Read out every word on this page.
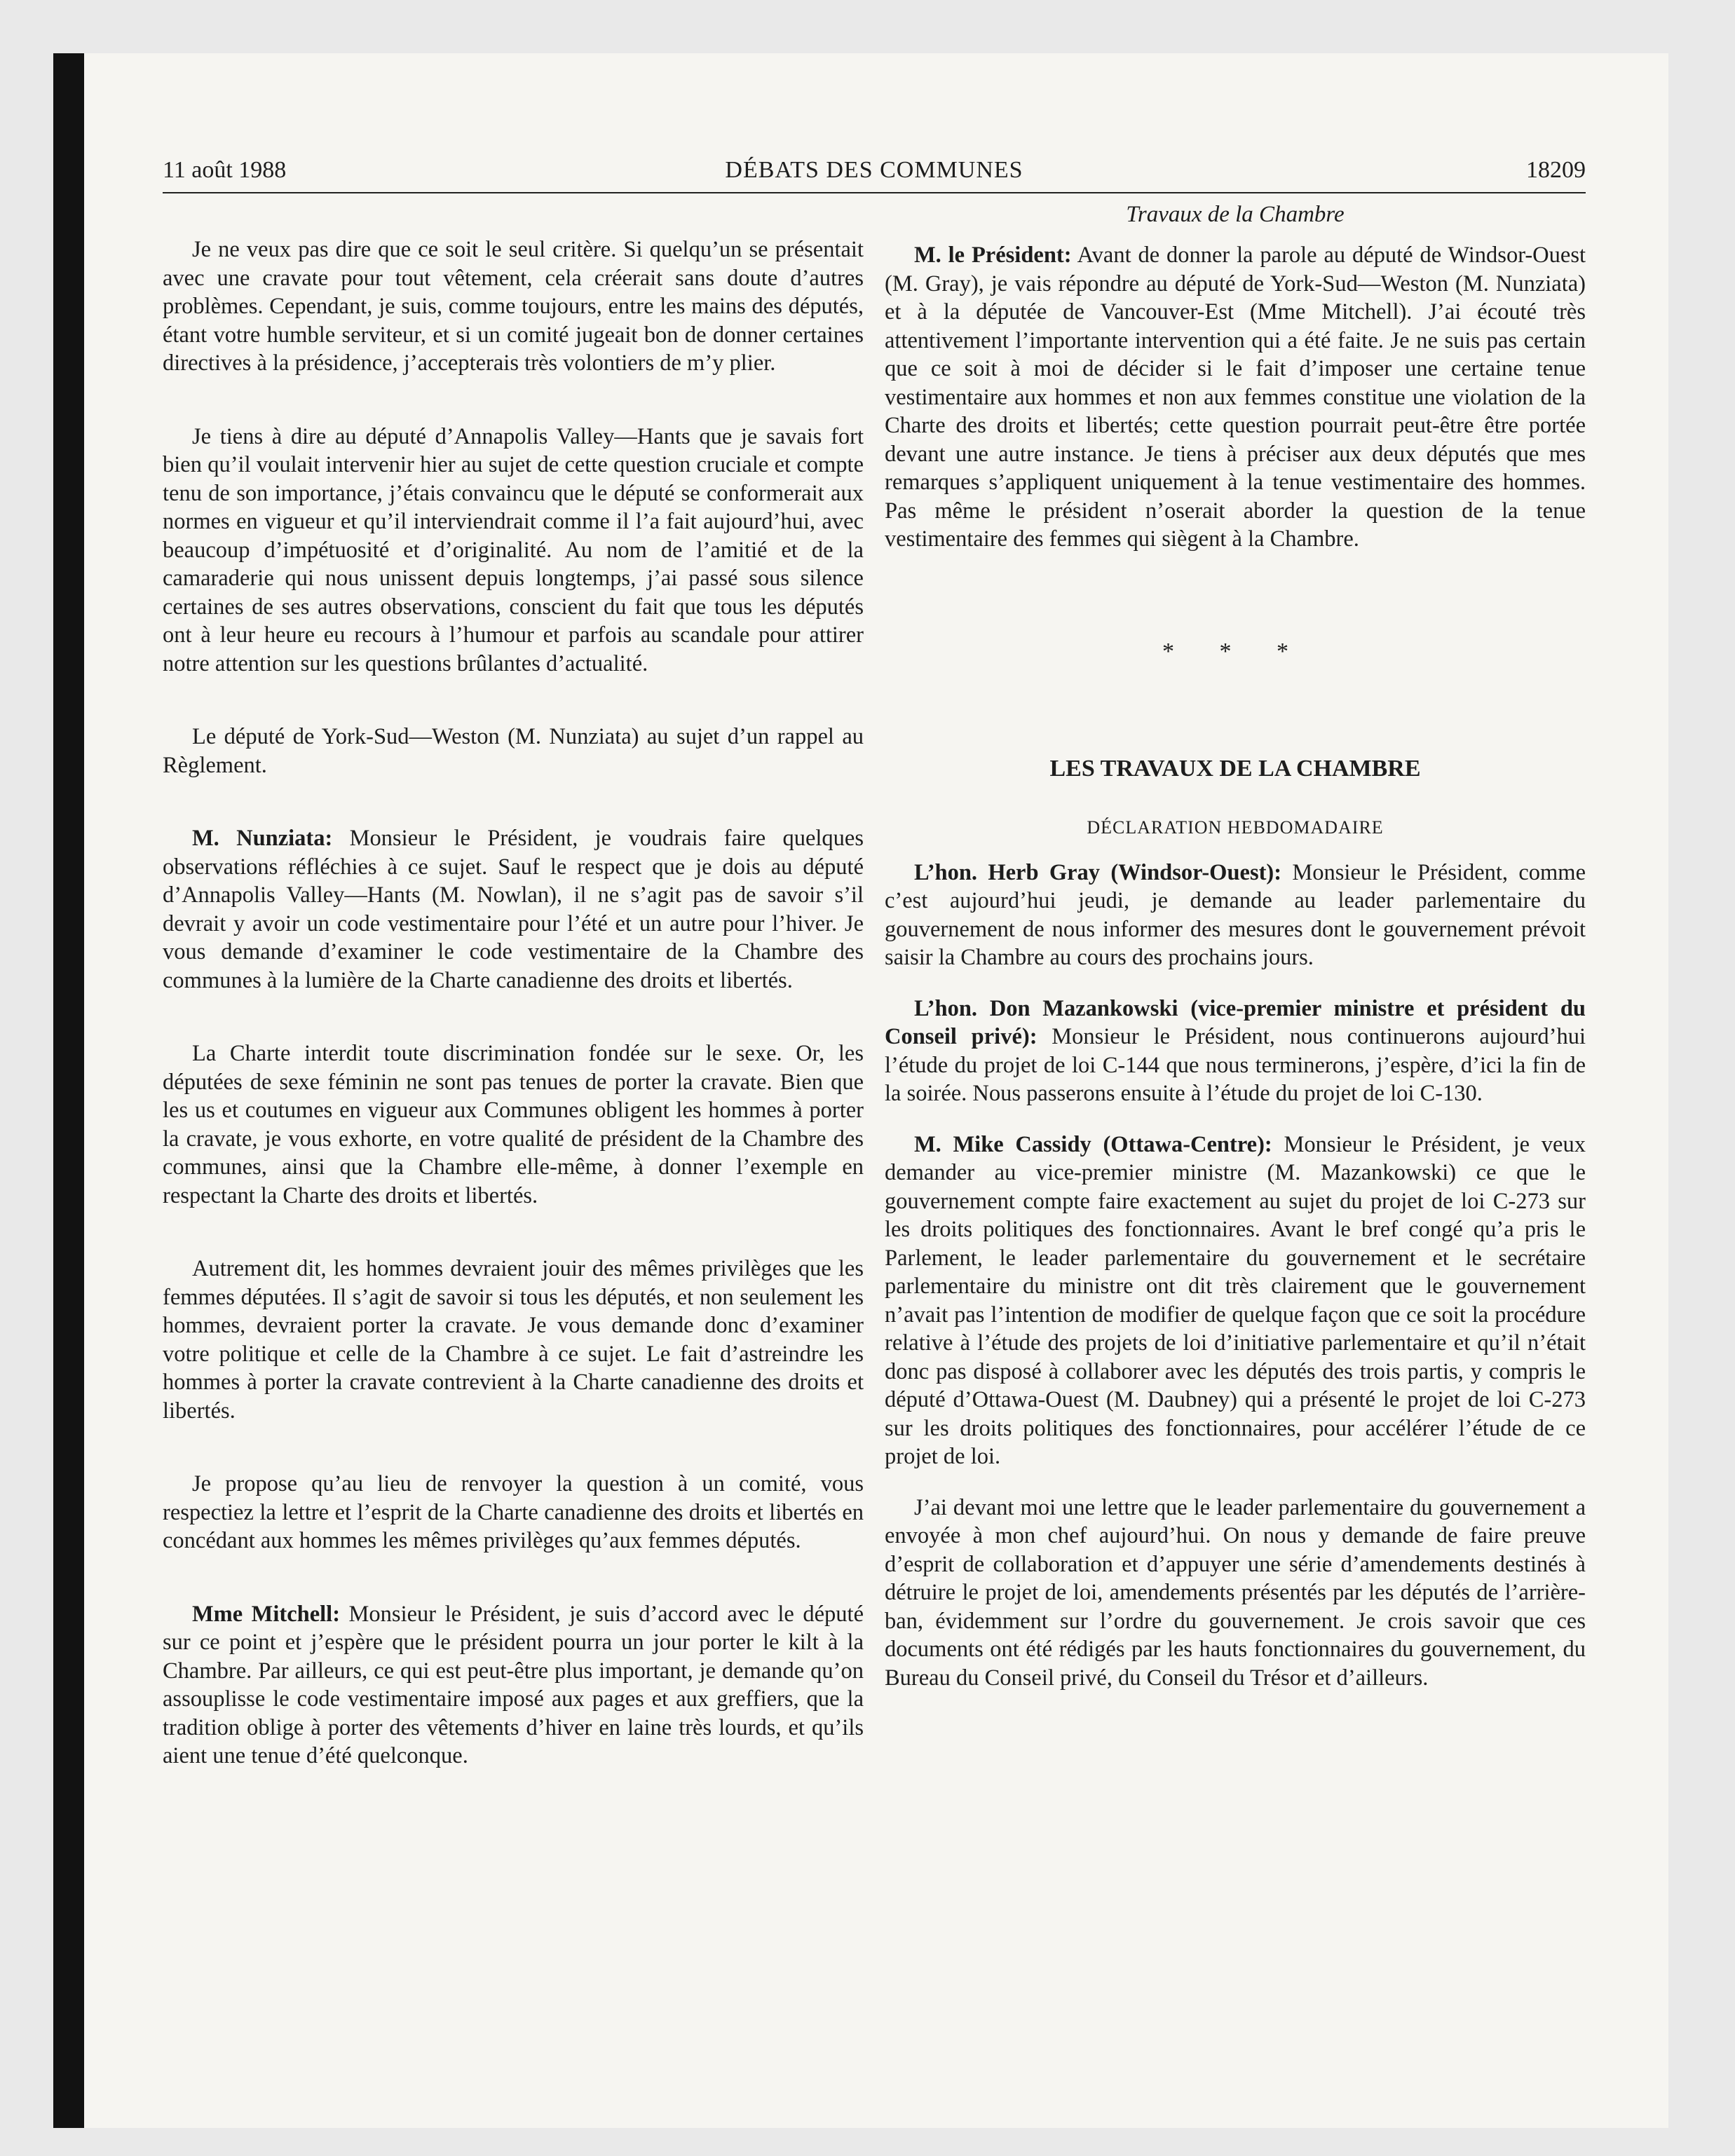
11 août 1988	DÉBATS DES COMMUNES	18209

Je ne veux pas dire que ce soit le seul critère. Si quelqu’un se présentait avec une cravate pour tout vêtement, cela créerait sans doute d’autres problèmes. Cependant, je suis, comme toujours, entre les mains des députés, étant votre humble serviteur, et si un comité jugeait bon de donner certaines directives à la présidence, j’accepterais très volontiers de m’y plier.

Je tiens à dire au député d’Annapolis Valley—Hants que je savais fort bien qu’il voulait intervenir hier au sujet de cette question cruciale et compte tenu de son importance, j’étais convaincu que le député se conformerait aux normes en vigueur et qu’il interviendrait comme il l’a fait aujourd’hui, avec beaucoup d’impétuosité et d’originalité. Au nom de l’amitié et de la camaraderie qui nous unissent depuis longtemps, j’ai passé sous silence certaines de ses autres observations, conscient du fait que tous les députés ont à leur heure eu recours à l’humour et parfois au scandale pour attirer notre attention sur les questions brûlantes d’actualité.

Le député de York-Sud—Weston (M. Nunziata) au sujet d’un rappel au Règlement.

M. Nunziata: Monsieur le Président, je voudrais faire quelques observations réfléchies à ce sujet. Sauf le respect que je dois au député d’Annapolis Valley—Hants (M. Nowlan), il ne s’agit pas de savoir s’il devrait y avoir un code vestimentaire pour l’été et un autre pour l’hiver. Je vous demande d’examiner le code vestimentaire de la Chambre des communes à la lumière de la Charte canadienne des droits et libertés.

La Charte interdit toute discrimination fondée sur le sexe. Or, les députées de sexe féminin ne sont pas tenues de porter la cravate. Bien que les us et coutumes en vigueur aux Communes obligent les hommes à porter la cravate, je vous exhorte, en votre qualité de président de la Chambre des communes, ainsi que la Chambre elle-même, à donner l’exemple en respectant la Charte des droits et libertés.

Autrement dit, les hommes devraient jouir des mêmes privilèges que les femmes députées. Il s’agit de savoir si tous les députés, et non seulement les hommes, devraient porter la cravate. Je vous demande donc d’examiner votre politique et celle de la Chambre à ce sujet. Le fait d’astreindre les hommes à porter la cravate contrevient à la Charte canadienne des droits et libertés.

Je propose qu’au lieu de renvoyer la question à un comité, vous respectiez la lettre et l’esprit de la Charte canadienne des droits et libertés en concédant aux hommes les mêmes privilèges qu’aux femmes députés.

Mme Mitchell: Monsieur le Président, je suis d’accord avec le député sur ce point et j’espère que le président pourra un jour porter le kilt à la Chambre. Par ailleurs, ce qui est peut-être plus important, je demande qu’on assouplisse le code vestimentaire imposé aux pages et aux greffiers, que la tradition oblige à porter des vêtements d’hiver en laine très lourds, et qu’ils aient une tenue d’été quelconque.

Travaux de la Chambre

M. le Président: Avant de donner la parole au député de Windsor-Ouest (M. Gray), je vais répondre au député de York-Sud—Weston (M. Nunziata) et à la députée de Vancouver-Est (Mme Mitchell). J’ai écouté très attentivement l’importante intervention qui a été faite. Je ne suis pas certain que ce soit à moi de décider si le fait d’imposer une certaine tenue vestimentaire aux hommes et non aux femmes constitue une violation de la Charte des droits et libertés; cette question pourrait peut-être être portée devant une autre instance. Je tiens à préciser aux deux députés que mes remarques s’appliquent uniquement à la tenue vestimentaire des hommes. Pas même le président n’oserait aborder la question de la tenue vestimentaire des femmes qui siègent à la Chambre.

* * *
LES TRAVAUX DE LA CHAMBRE
DÉCLARATION HEBDOMADAIRE

L’hon. Herb Gray (Windsor-Ouest): Monsieur le Président, comme c’est aujourd’hui jeudi, je demande au leader parlementaire du gouvernement de nous informer des mesures dont le gouvernement prévoit saisir la Chambre au cours des prochains jours.

L’hon. Don Mazankowski (vice-premier ministre et président du Conseil privé): Monsieur le Président, nous continuerons aujourd’hui l’étude du projet de loi C-144 que nous terminerons, j’espère, d’ici la fin de la soirée. Nous passerons ensuite à l’étude du projet de loi C-130.

M. Mike Cassidy (Ottawa-Centre): Monsieur le Président, je veux demander au vice-premier ministre (M. Mazankowski) ce que le gouvernement compte faire exactement au sujet du projet de loi C-273 sur les droits politiques des fonctionnaires. Avant le bref congé qu’a pris le Parlement, le leader parlementaire du gouvernement et le secrétaire parlementaire du ministre ont dit très clairement que le gouvernement n’avait pas l’intention de modifier de quelque façon que ce soit la procédure relative à l’étude des projets de loi d’initiative parlementaire et qu’il n’était donc pas disposé à collaborer avec les députés des trois partis, y compris le député d’Ottawa-Ouest (M. Daubney) qui a présenté le projet de loi C-273 sur les droits politiques des fonctionnaires, pour accélérer l’étude de ce projet de loi.

J’ai devant moi une lettre que le leader parlementaire du gouvernement a envoyée à mon chef aujourd’hui. On nous y demande de faire preuve d’esprit de collaboration et d’appuyer une série d’amendements destinés à détruire le projet de loi, amendements présentés par les députés de l’arrière-ban, évidemment sur l’ordre du gouvernement. Je crois savoir que ces documents ont été rédigés par les hauts fonctionnaires du gouvernement, du Bureau du Conseil privé, du Conseil du Trésor et d’ailleurs.
